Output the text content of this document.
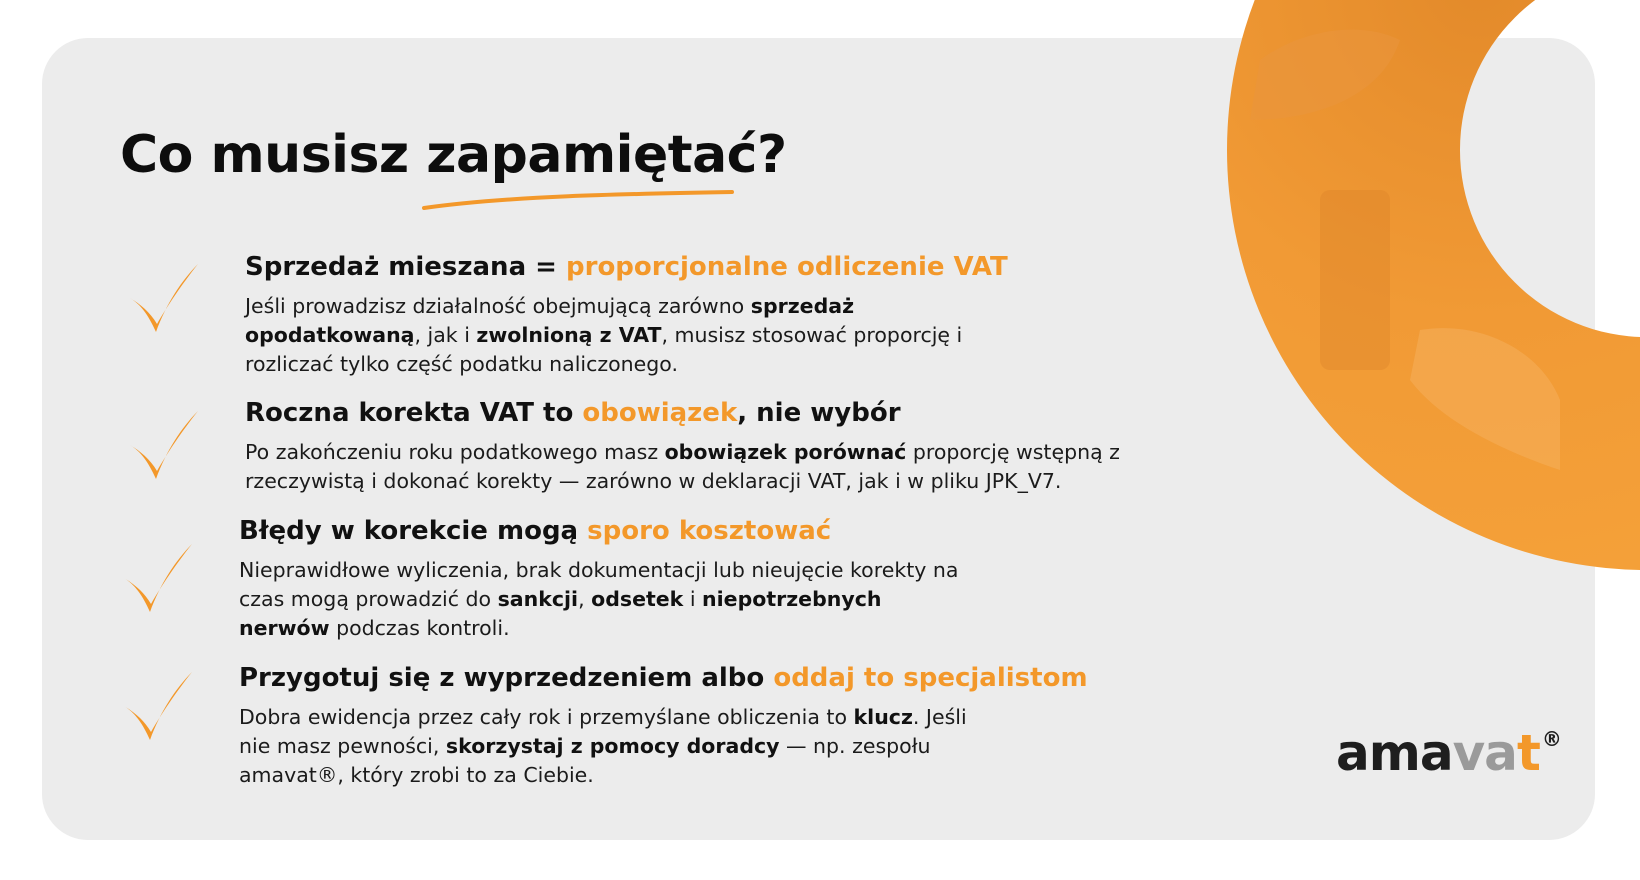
Co musisz zapamiętać?
Sprzedaż mieszana = proporcjonalne odliczenie VAT

Jeśli prowadzisz działalność obejmującą zarówno sprzedaż opodatkowaną, jak i zwolnioną z VAT, musisz stosować proporcję i rozliczać tylko część podatku naliczonego.

Roczna korekta VAT to obowiązek, nie wybór

Po zakończeniu roku podatkowego masz obowiązek porównać proporcję wstępną z rzeczywistą i dokonać korekty — zarówno w deklaracji VAT, jak i w pliku JPK_V7.

Błędy w korekcie mogą sporo kosztować

Nieprawidłowe wyliczenia, brak dokumentacji lub nieujęcie korekty na czas mogą prowadzić do sankcji, odsetek i niepotrzebnych nerwów podczas kontroli.

Przygotuj się z wyprzedzeniem albo oddaj to specjalistom

Dobra ewidencja przez cały rok i przemyślane obliczenia to klucz. Jeśli nie masz pewności, skorzystaj z pomocy doradcy — np. zespołu amavat®, który zrobi to za Ciebie.	amavat ®
